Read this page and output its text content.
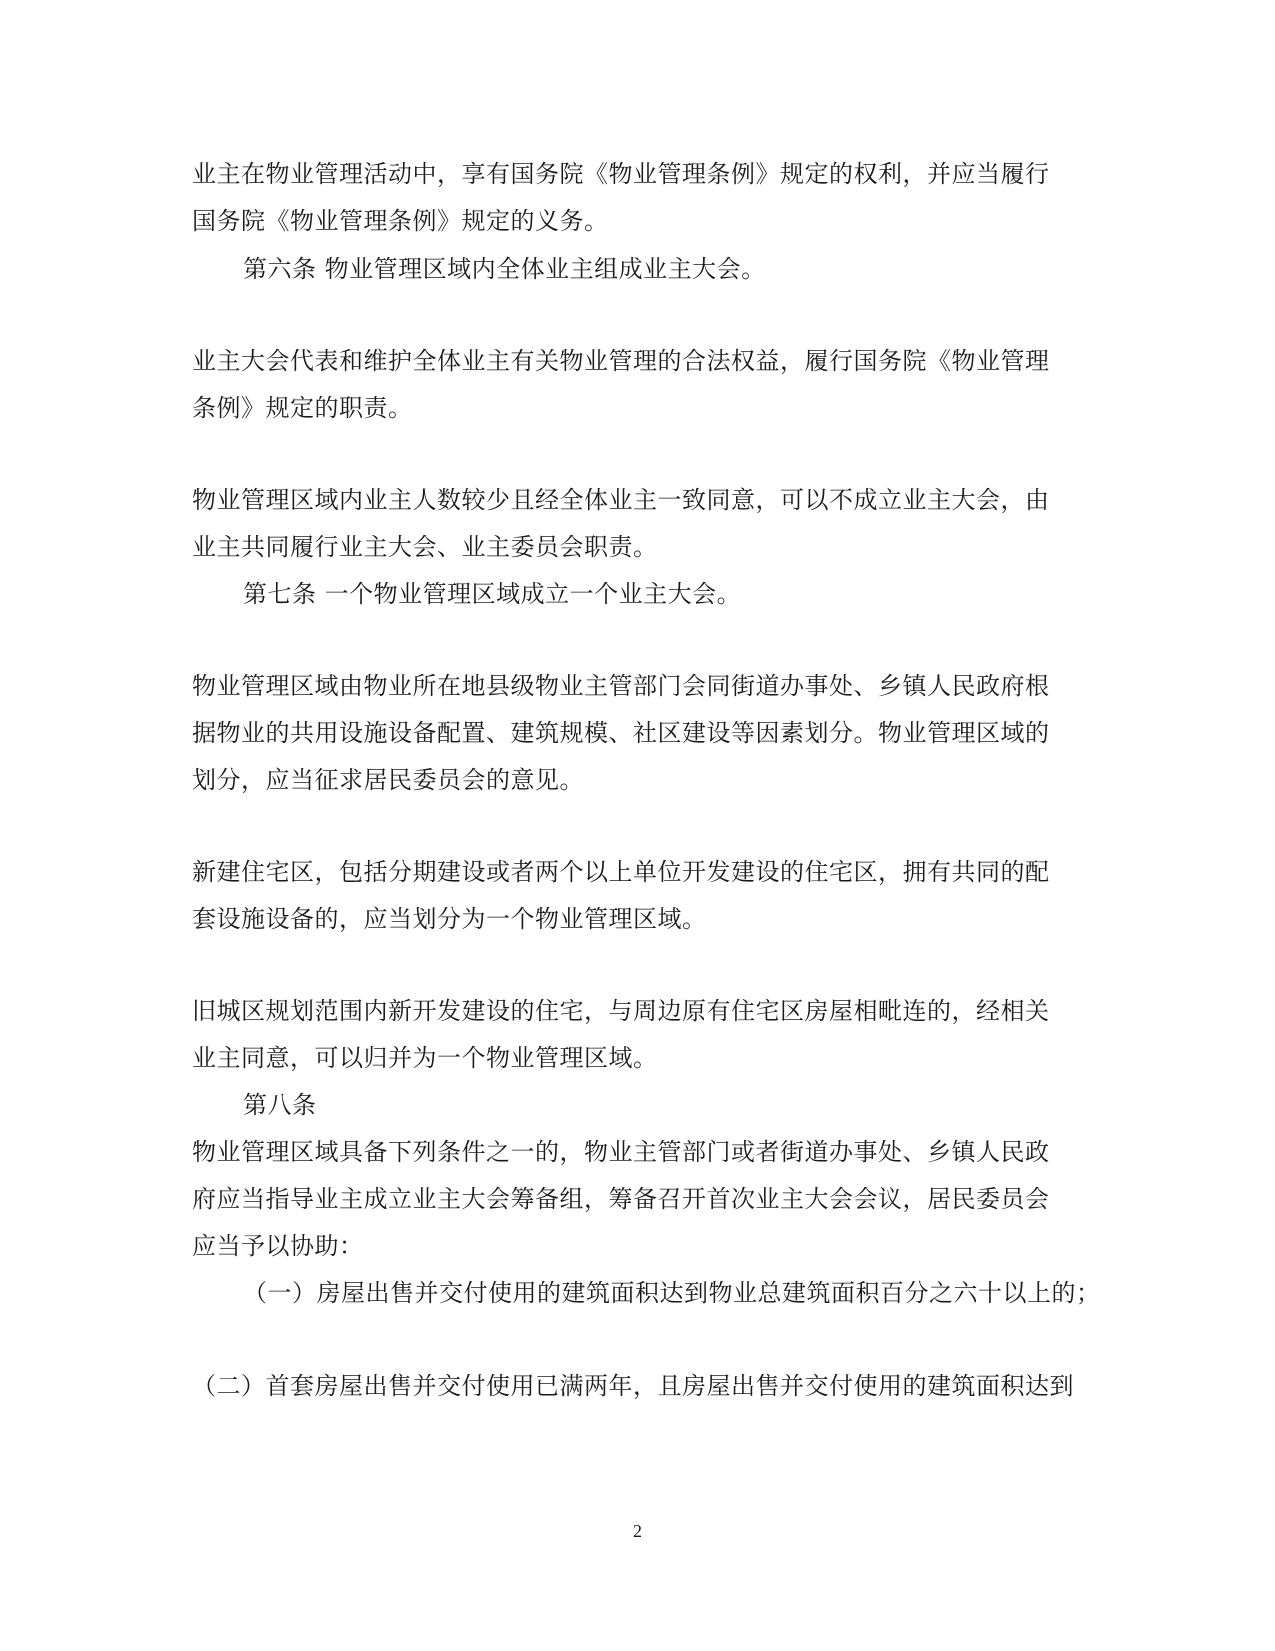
业主在物业管理活动中，享有国务院《物业管理条例》规定的权利，并应当履行
国务院《物业管理条例》规定的义务。
第六条 物业管理区域内全体业主组成业主大会。
业主大会代表和维护全体业主有关物业管理的合法权益，履行国务院《物业管理
条例》规定的职责。
物业管理区域内业主人数较少且经全体业主一致同意，可以不成立业主大会，由
业主共同履行业主大会、业主委员会职责。
第七条 一个物业管理区域成立一个业主大会。
物业管理区域由物业所在地县级物业主管部门会同街道办事处、乡镇人民政府根
据物业的共用设施设备配置、建筑规模、社区建设等因素划分。物业管理区域的
划分，应当征求居民委员会的意见。
新建住宅区，包括分期建设或者两个以上单位开发建设的住宅区，拥有共同的配
套设施设备的，应当划分为一个物业管理区域。
旧城区规划范围内新开发建设的住宅，与周边原有住宅区房屋相毗连的，经相关
业主同意，可以归并为一个物业管理区域。
第八条
物业管理区域具备下列条件之一的，物业主管部门或者街道办事处、乡镇人民政
府应当指导业主成立业主大会筹备组，筹备召开首次业主大会会议，居民委员会
应当予以协助：
（一）房屋出售并交付使用的建筑面积达到物业总建筑面积百分之六十以上的；
（二）首套房屋出售并交付使用已满两年，且房屋出售并交付使用的建筑面积达到
2
